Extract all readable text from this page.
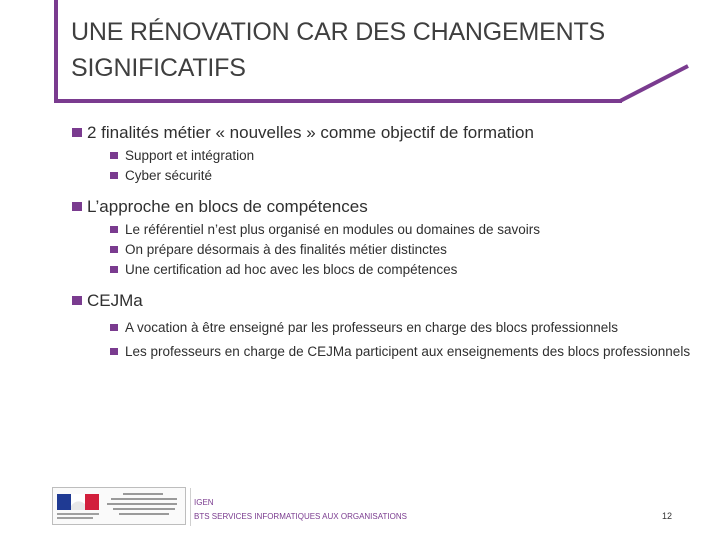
UNE RÉNOVATION CAR DES CHANGEMENTS SIGNIFICATIFS
2 finalités métier « nouvelles » comme objectif de formation
Support et intégration
Cyber sécurité
L’approche en blocs de compétences
Le référentiel n’est plus organisé en modules ou domaines de savoirs
On prépare désormais à des finalités métier distinctes
Une certification ad hoc avec les blocs de compétences
CEJMa
A vocation à être enseigné par les professeurs en charge des blocs professionnels
Les professeurs en charge de CEJMa participent aux enseignements des blocs professionnels
IGEN
BTS SERVICES INFORMATIQUES AUX ORGANISATIONS	12
